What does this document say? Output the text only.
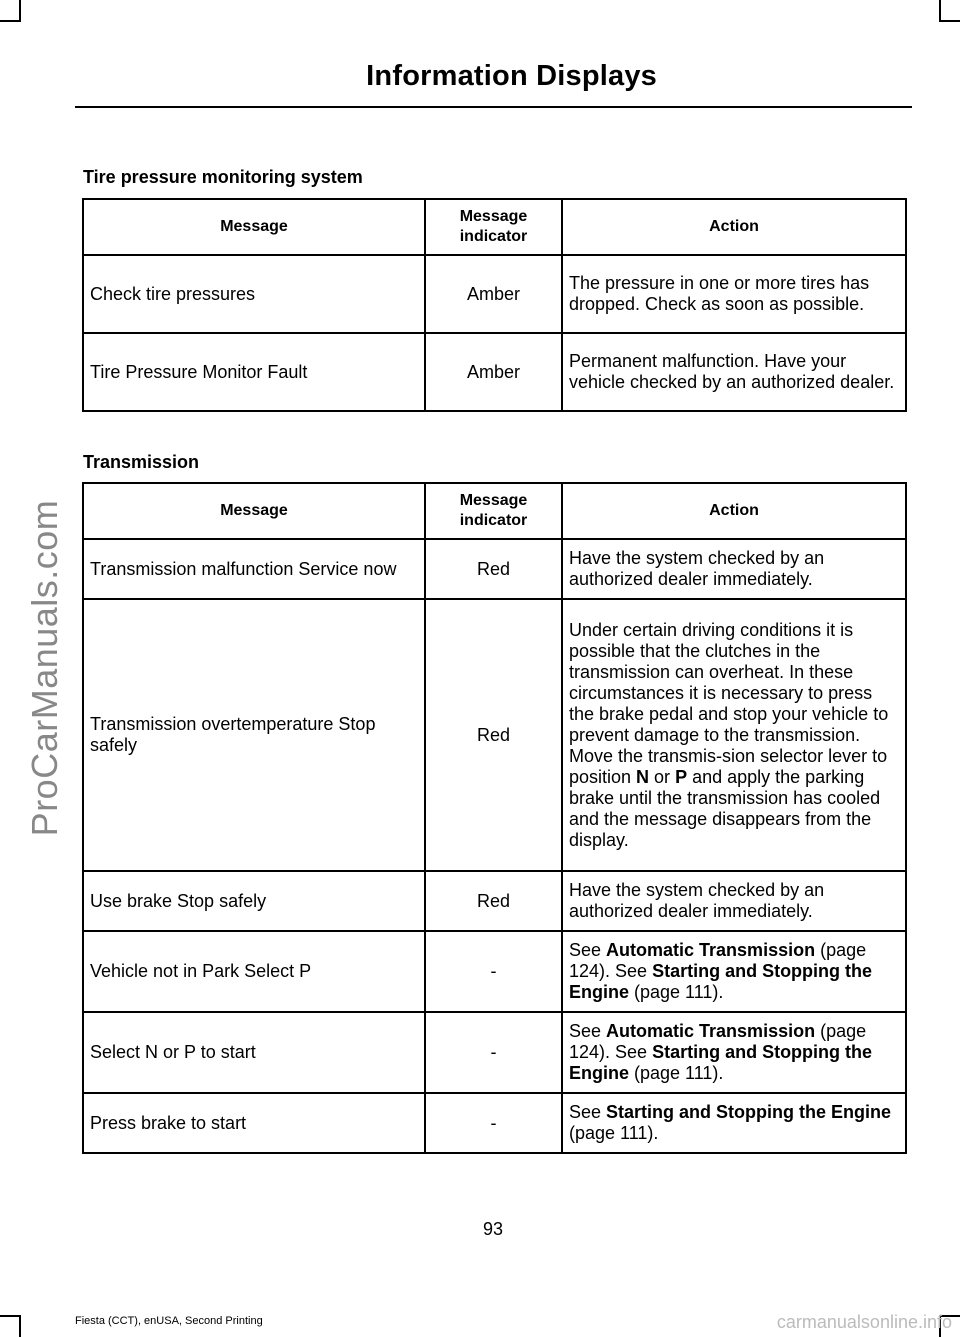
Information Displays
Tire pressure monitoring system
Message	Message indicator	Action
Check tire pressures	Amber	The pressure in one or more tires has dropped. Check as soon as possible.
Tire Pressure Monitor Fault	Amber	Permanent malfunction. Have your vehicle checked by an authorized dealer.
Transmission
Message	Message indicator	Action
Transmission malfunction Service now	Red	Have the system checked by an authorized dealer immediately.
Transmission overtemperature Stop safely	Red	Under certain driving conditions it is possible that the clutches in the transmission can overheat. In these circumstances it is necessary to press the brake pedal and stop your vehicle to prevent damage to the transmission. Move the transmis-sion selector lever to position N or P and apply the parking brake until the transmission has cooled and the message disappears from the display.
Use brake Stop safely	Red	Have the system checked by an authorized dealer immediately.
Vehicle not in Park Select P	-	See Automatic Transmission (page 124). See Starting and Stopping the Engine (page 111).
Select N or P to start	-	See Automatic Transmission (page 124). See Starting and Stopping the Engine (page 111).
Press brake to start	-	See Starting and Stopping the Engine (page 111).
93
Fiesta (CCT), enUSA, Second Printing
ProCarManuals.com
carmanualsonline.info
